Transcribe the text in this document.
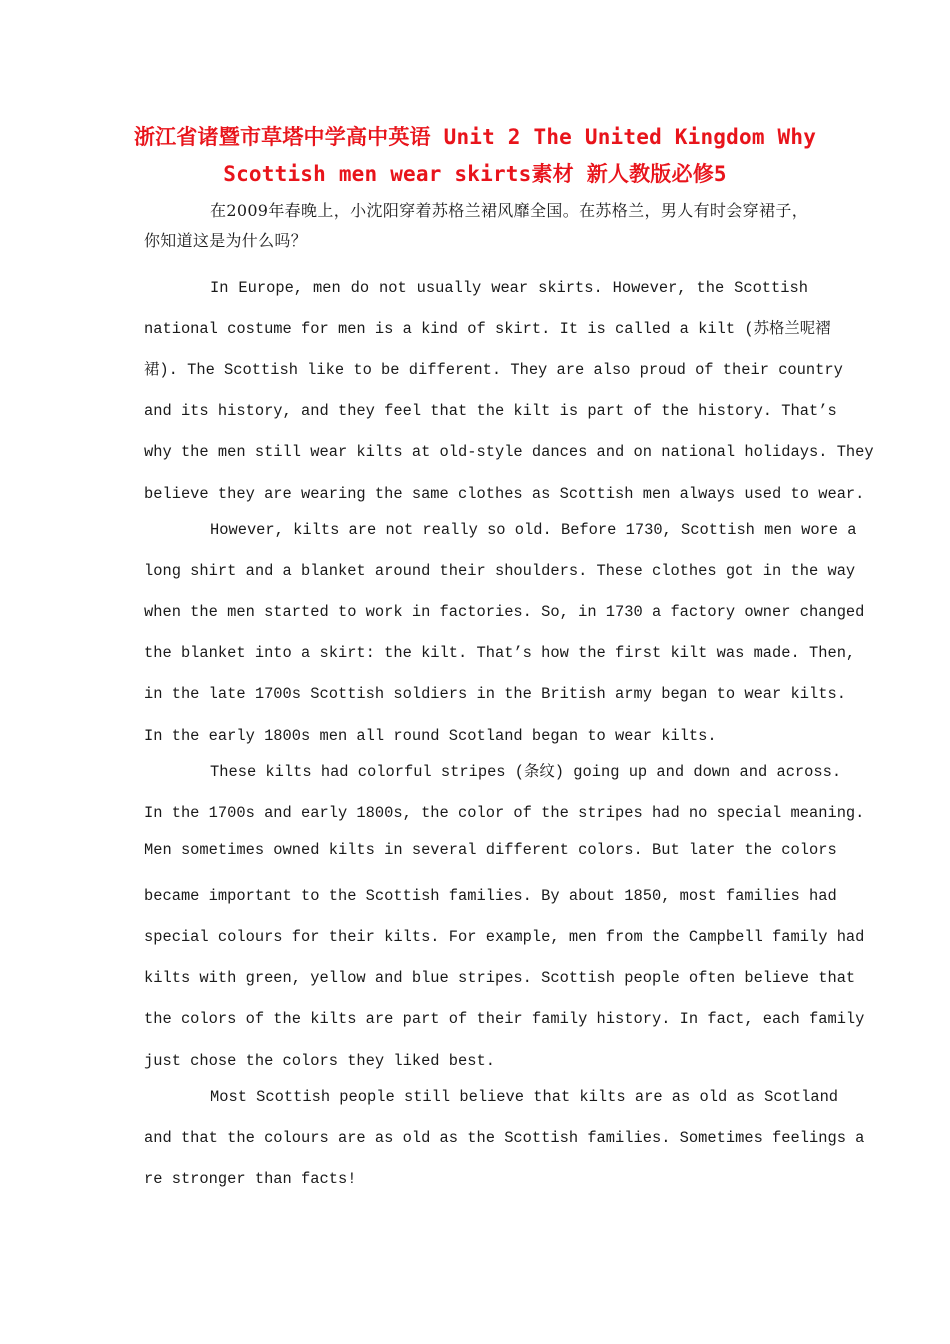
浙江省诸暨市草塔中学高中英语 Unit 2 The United Kingdom Why
Scottish men wear skirts素材 新人教版必修5
在2009年春晚上，小沈阳穿着苏格兰裙风靡全国。在苏格兰，男人有时会穿裙子，
你知道这是为什么吗？
In Europe, men do not usually wear skirts. However, the Scottish
national costume for men is a kind of skirt. It is called a kilt (苏格兰呢褶
裙). The Scottish like to be different. They are also proud of their country
and its history, and they feel that the kilt is part of the history. That’s
why the men still wear kilts at old-style dances and on national holidays. They
believe they are wearing the same clothes as Scottish men always used to wear.
However, kilts are not really so old. Before 1730, Scottish men wore a
long shirt and a blanket around their shoulders. These clothes got in the way
when the men started to work in factories. So, in 1730 a factory owner changed
the blanket into a skirt: the kilt. That’s how the first kilt was made. Then,
in the late 1700s Scottish soldiers in the British army began to wear kilts.
In the early 1800s men all round Scotland began to wear kilts.
These kilts had colorful stripes (条纹) going up and down and across.
In the 1700s and early 1800s, the color of the stripes had no special meaning.
Men sometimes owned kilts in several different colors. But later the colors
became important to the Scottish families. By about 1850, most families had
special colours for their kilts. For example, men from the Campbell family had
kilts with green, yellow and blue stripes. Scottish people often believe that
the colors of the kilts are part of their family history. In fact, each family
just chose the colors they liked best.
Most Scottish people still believe that kilts are as old as Scotland
and that the colours are as old as the Scottish families. Sometimes feelings a
re stronger than facts!
